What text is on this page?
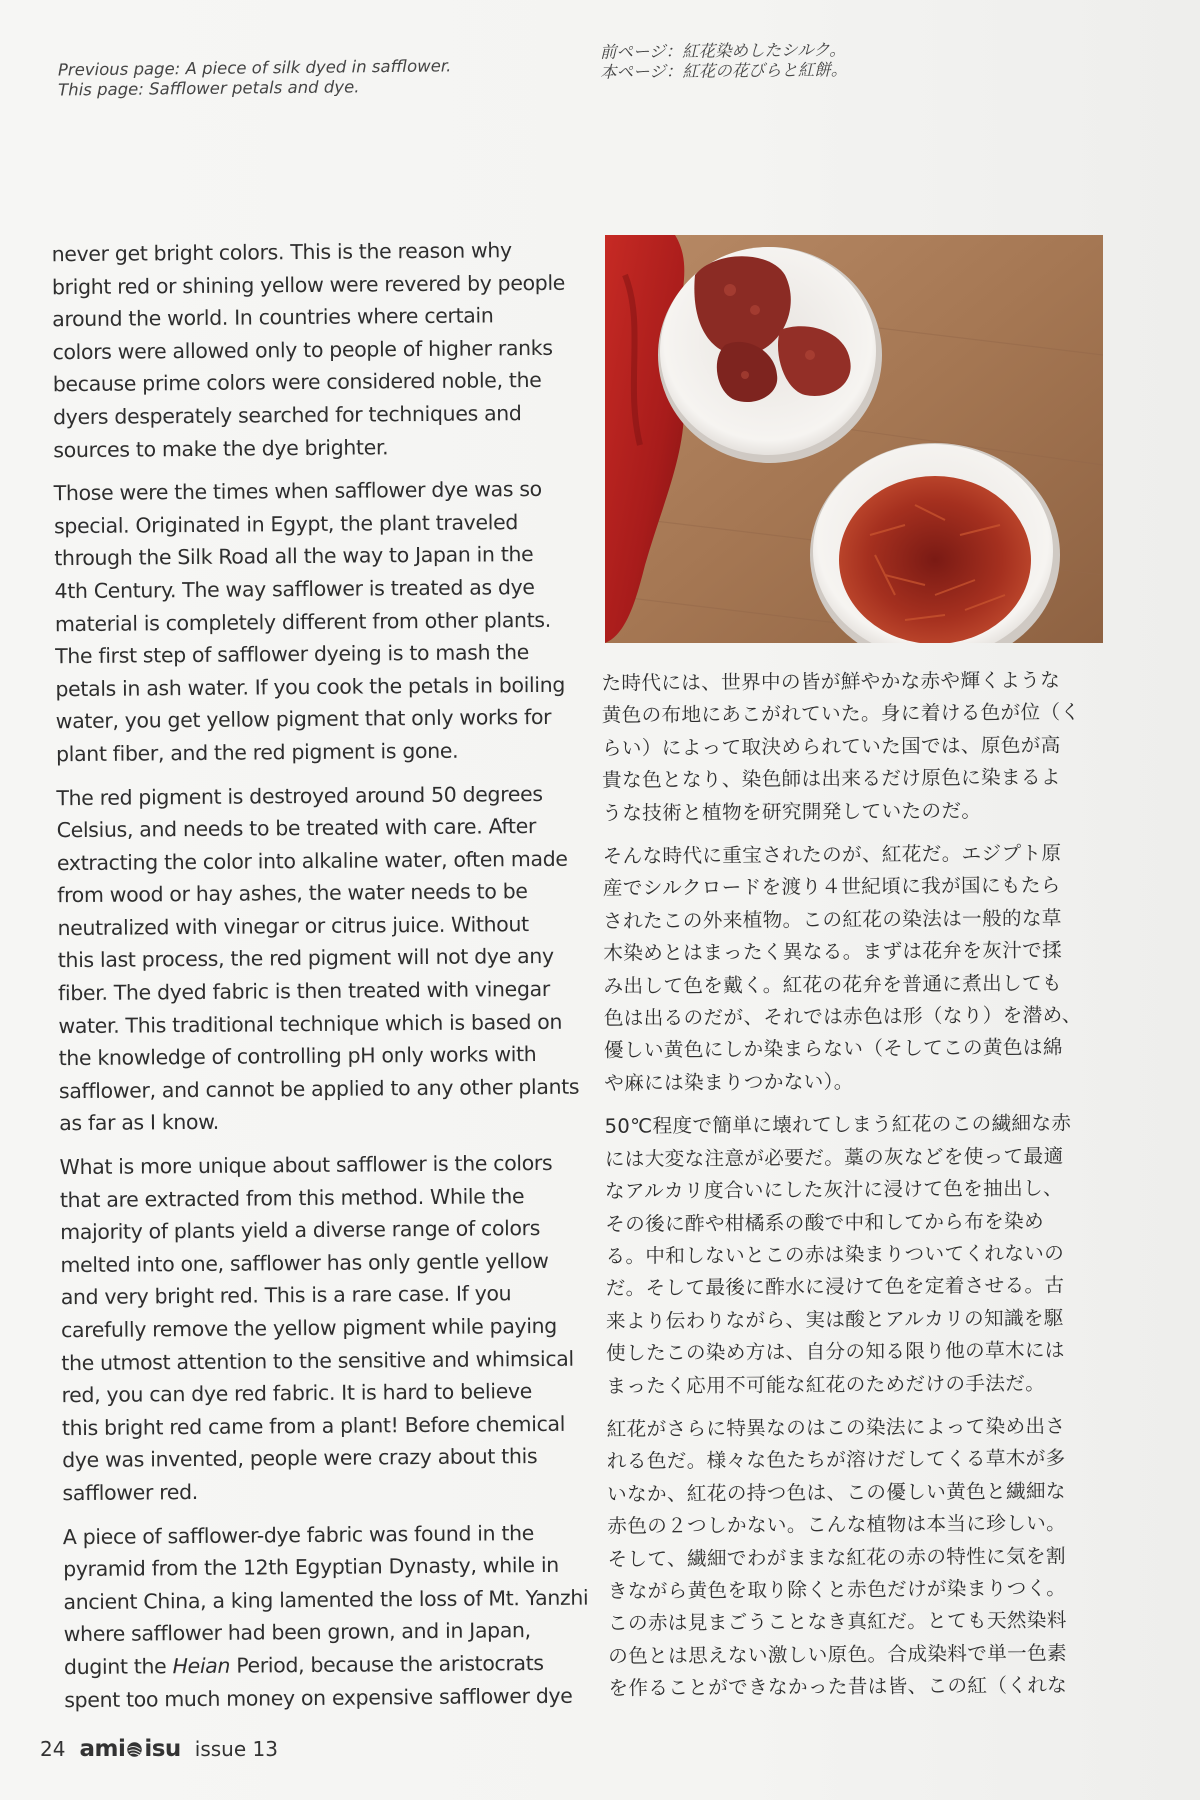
Previous page: A piece of silk dyed in safflower.
This page: Safflower petals and dye.
前ページ：紅花染めしたシルク。
本ページ：紅花の花びらと紅餅。

never get bright colors. This is the reason why
bright red or shining yellow were revered by people
around the world. In countries where certain
colors were allowed only to people of higher ranks
because prime colors were considered noble, the
dyers desperately searched for techniques and
sources to make the dye brighter.

Those were the times when safflower dye was so
special. Originated in Egypt, the plant traveled
through the Silk Road all the way to Japan in the
4th Century. The way safflower is treated as dye
material is completely different from other plants.
The first step of safflower dyeing is to mash the
petals in ash water. If you cook the petals in boiling
water, you get yellow pigment that only works for
plant fiber, and the red pigment is gone.

The red pigment is destroyed around 50 degrees
Celsius, and needs to be treated with care. After
extracting the color into alkaline water, often made
from wood or hay ashes, the water needs to be
neutralized with vinegar or citrus juice. Without
this last process, the red pigment will not dye any
fiber. The dyed fabric is then treated with vinegar
water. This traditional technique which is based on
the knowledge of controlling pH only works with
safflower, and cannot be applied to any other plants
as far as I know.

What is more unique about safflower is the colors
that are extracted from this method. While the
majority of plants yield a diverse range of colors
melted into one, safflower has only gentle yellow
and very bright red. This is a rare case. If you
carefully remove the yellow pigment while paying
the utmost attention to the sensitive and whimsical
red, you can dye red fabric. It is hard to believe
this bright red came from a plant! Before chemical
dye was invented, people were crazy about this
safflower red.

A piece of safflower-dye fabric was found in the
pyramid from the 12th Egyptian Dynasty, while in
ancient China, a king lamented the loss of Mt. Yanzhi
where safflower had been grown, and in Japan,
dugint the Heian Period, because the aristocrats
spent too much money on expensive safflower dye

た時代には、世界中の皆が鮮やかな赤や輝くような
黄色の布地にあこがれていた。身に着ける色が位（く
らい）によって取決められていた国では、原色が高
貴な色となり、染色師は出来るだけ原色に染まるよ
うな技術と植物を研究開発していたのだ。

そんな時代に重宝されたのが、紅花だ。エジプト原
産でシルクロードを渡り４世紀頃に我が国にもたら
されたこの外来植物。この紅花の染法は一般的な草
木染めとはまったく異なる。まずは花弁を灰汁で揉
み出して色を戴く。紅花の花弁を普通に煮出しても
色は出るのだが、それでは赤色は形（なり）を潜め、
優しい黄色にしか染まらない（そしてこの黄色は綿
や麻には染まりつかない）。

50℃程度で簡単に壊れてしまう紅花のこの繊細な赤
には大変な注意が必要だ。藁の灰などを使って最適
なアルカリ度合いにした灰汁に浸けて色を抽出し、
その後に酢や柑橘系の酸で中和してから布を染め
る。中和しないとこの赤は染まりついてくれないの
だ。そして最後に酢水に浸けて色を定着させる。古
来より伝わりながら、実は酸とアルカリの知識を駆
使したこの染め方は、自分の知る限り他の草木には
まったく応用不可能な紅花のためだけの手法だ。

紅花がさらに特異なのはこの染法によって染め出さ
れる色だ。様々な色たちが溶けだしてくる草木が多
いなか、紅花の持つ色は、この優しい黄色と繊細な
赤色の２つしかない。こんな植物は本当に珍しい。
そして、繊細でわがままな紅花の赤の特性に気を割
きながら黄色を取り除くと赤色だけが染まりつく。
この赤は見まごうことなき真紅だ。とても天然染料
の色とは思えない激しい原色。合成染料で単一色素
を作ることができなかった昔は皆、この紅（くれな

24 ami isu issue 13
